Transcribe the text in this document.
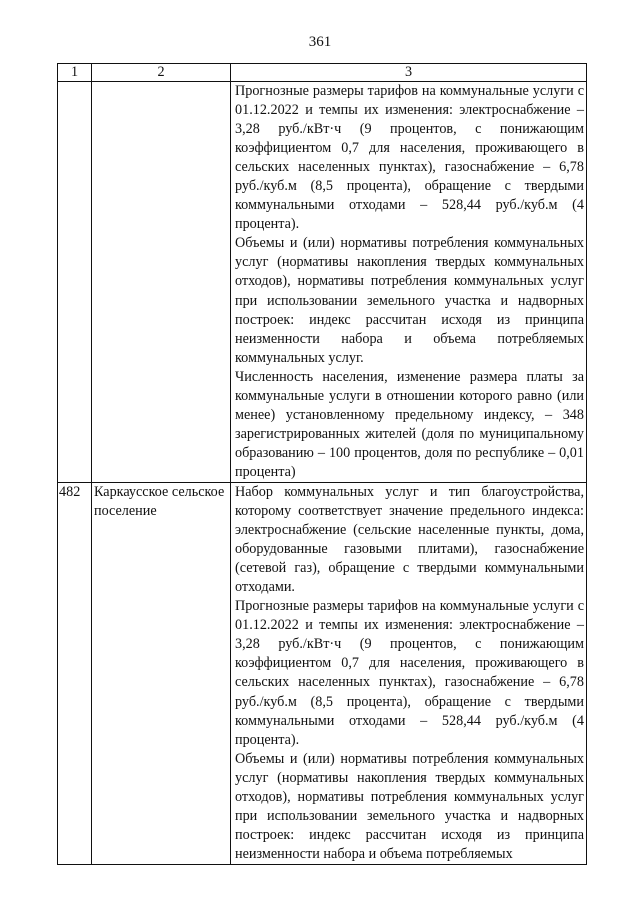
361
1	2	3

		Прогнозные размеры тарифов на коммунальные услуги с 01.12.2022 и темпы их изменения: электроснабжение – 3,28 руб./кВт·ч (9 процентов, с понижающим коэффициентом 0,7 для населения, проживающего в сельских населенных пунктах), газоснабжение – 6,78 руб./куб.м (8,5 процента), обращение с твердыми коммунальными отходами – 528,44 руб./куб.м (4 процента).

Объемы и (или) нормативы потребления коммунальных услуг (нормативы накопления твердых коммунальных отходов), нормативы потребления коммунальных услуг при использовании земельного участка и надворных построек: индекс рассчитан исходя из принципа неизменности набора и объема потребляемых коммунальных услуг.

Численность населения, изменение размера платы за коммунальные услуги в отношении которого равно (или менее) установленному предельному индексу, – 348 зарегистрированных жителей (доля по муниципальному образованию – 100 процентов, доля по республике – 0,01 процента)

482	Каркаусское сельское поселение	Набор коммунальных услуг и тип благоустройства, которому соответствует значение предельного индекса: электроснабжение (сельские населенные пункты, дома, оборудованные газовыми плитами), газоснабжение (сетевой газ), обращение с твердыми коммунальными отходами.

Прогнозные размеры тарифов на коммунальные услуги с 01.12.2022 и темпы их изменения: электроснабжение – 3,28 руб./кВт·ч (9 процентов, с понижающим коэффициентом 0,7 для населения, проживающего в сельских населенных пунктах), газоснабжение – 6,78 руб./куб.м (8,5 процента), обращение с твердыми коммунальными отходами – 528,44 руб./куб.м (4 процента).

Объемы и (или) нормативы потребления коммунальных услуг (нормативы накопления твердых коммунальных отходов), нормативы потребления коммунальных услуг при использовании земельного участка и надворных построек: индекс рассчитан исходя из принципа неизменности набора и объема потребляемых
